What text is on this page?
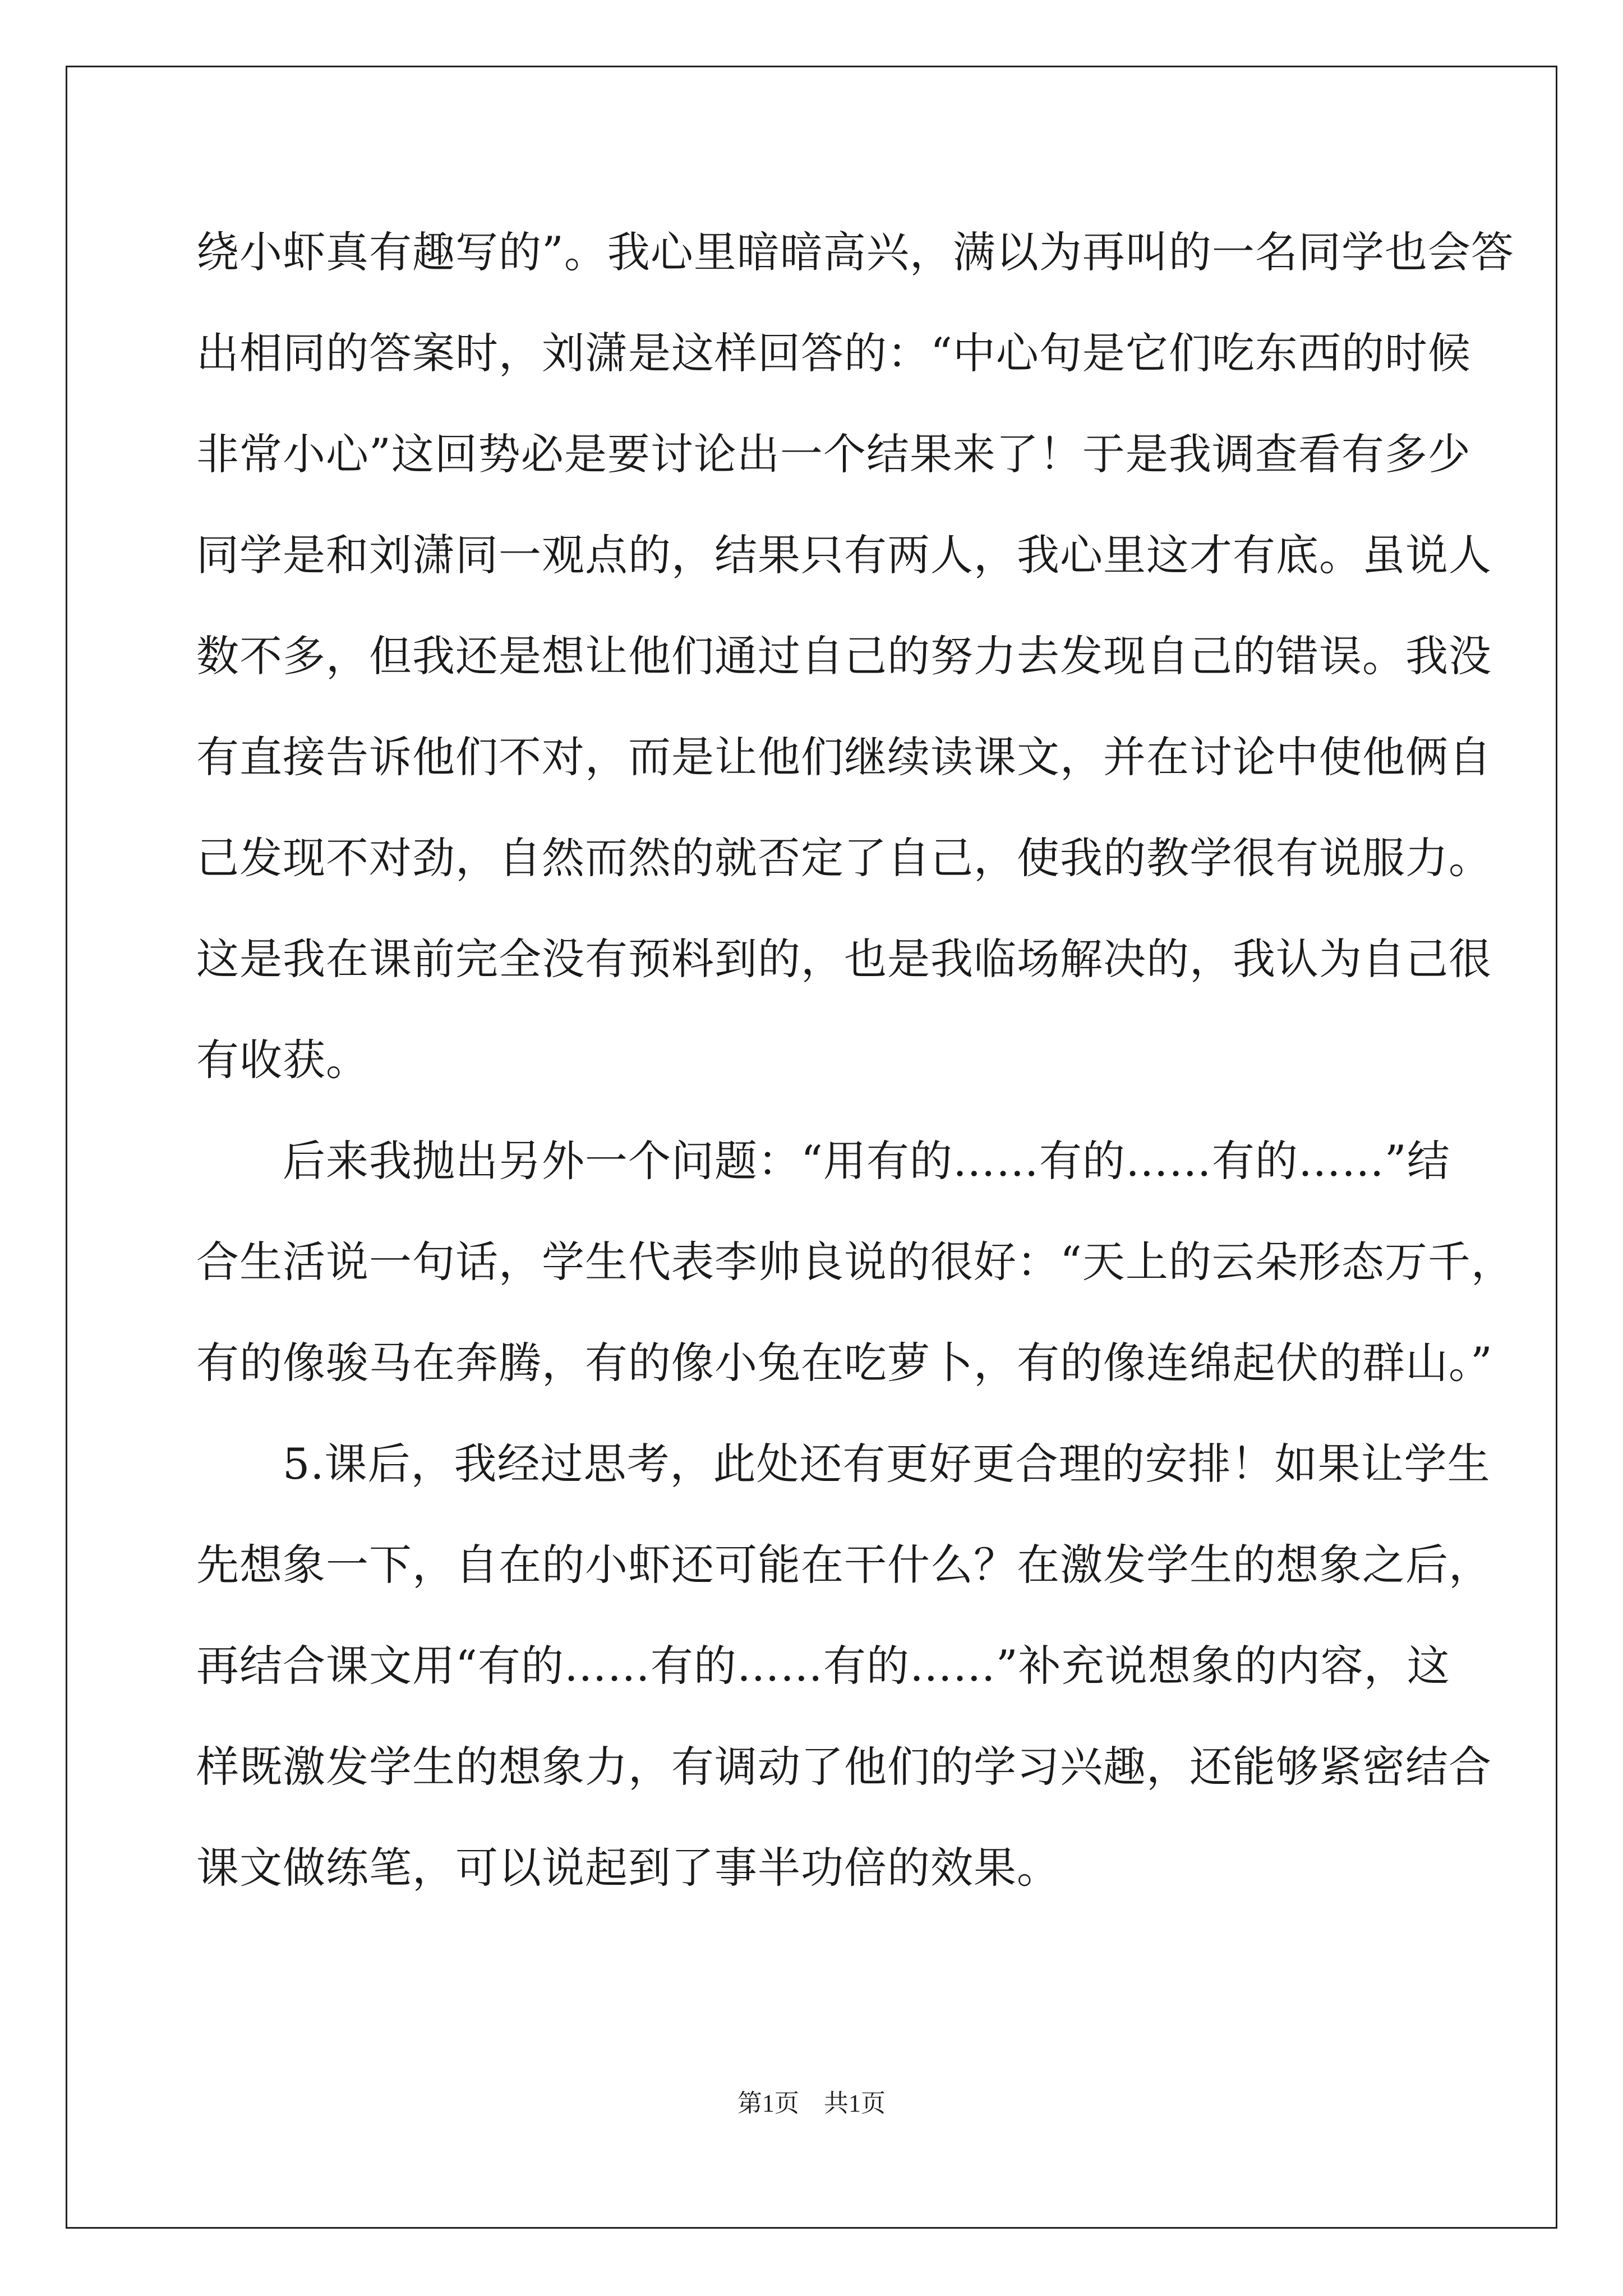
绕小虾真有趣写的”。我心里暗暗高兴，满以为再叫的一名同学也会答
出相同的答案时，刘潇是这样回答的：“中心句是它们吃东西的时候
非常小心”这回势必是要讨论出一个结果来了！于是我调查看有多少
同学是和刘潇同一观点的，结果只有两人，我心里这才有底。虽说人
数不多，但我还是想让他们通过自己的努力去发现自己的错误。我没
有直接告诉他们不对，而是让他们继续读课文，并在讨论中使他俩自
己发现不对劲，自然而然的就否定了自己，使我的教学很有说服力。
这是我在课前完全没有预料到的，也是我临场解决的，我认为自己很
有收获。
　　后来我抛出另外一个问题：“用有的……有的……有的……”结
合生活说一句话，学生代表李帅良说的很好：“天上的云朵形态万千，
有的像骏马在奔腾，有的像小兔在吃萝卜，有的像连绵起伏的群山。”
　　5.课后，我经过思考，此处还有更好更合理的安排！如果让学生
先想象一下，自在的小虾还可能在干什么？在激发学生的想象之后，
再结合课文用“有的……有的……有的……”补充说想象的内容，这
样既激发学生的想象力，有调动了他们的学习兴趣，还能够紧密结合
课文做练笔，可以说起到了事半功倍的效果。
第1页 共1页
